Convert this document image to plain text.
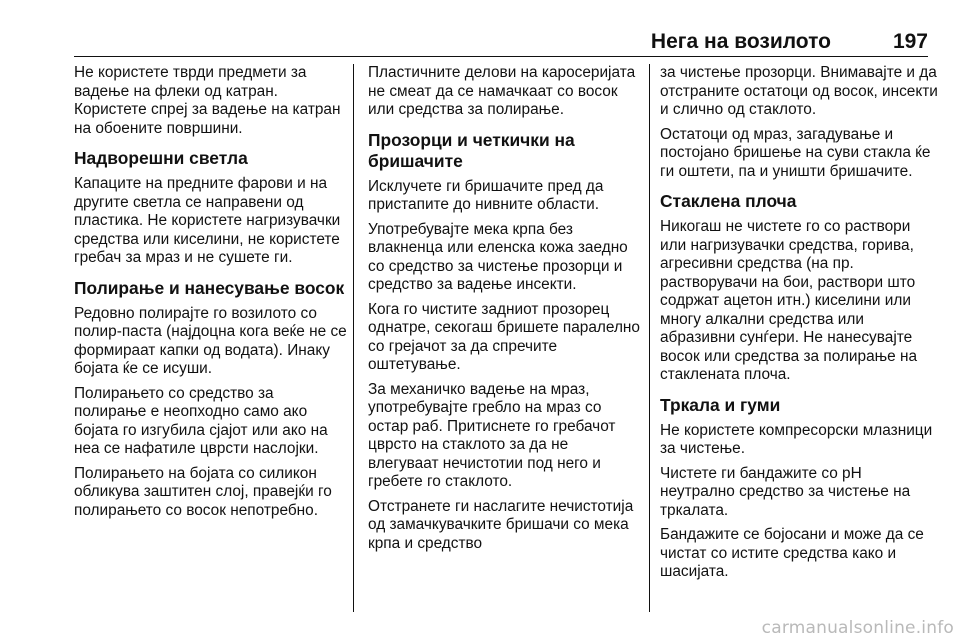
Нега на возилото	197

Не користете тврди предмети за вадење на флеки од катран. Користете спреј за вадење на катран на обоените површини.

Надворешни светла

Капаците на предните фарови и на другите светла се направени од пластика. Не користете нагризувачки средства или киселини, не користете гребач за мраз и не сушете ги.

Полирање и нанесување восок

Редовно полирајте го возилото со полир-паста (најдоцна кога веќе не се формираат капки од водата). Инаку бојата ќе се исуши.

Полирањето со средство за полирање е неопходно само ако бојата го изгубила сјајот или ако на неа се нафатиле цврсти наслојки.

Полирањето на бојата со силикон обликува заштитен слој, правејќи го полирањето со восок непотребно.

Пластичните делови на каросеријата не смеат да се намачкаат со восок или средства за полирање.

Прозорци и четкички на бришачите

Исклучете ги бришачите пред да пристапите до нивните области.

Употребувајте мека крпа без влакненца или еленска кожа заедно со средство за чистење прозорци и средство за вадење инсекти.

Кога го чистите задниот прозорец однатре, секогаш бришете паралелно со грејачот за да спречите оштетување.

За механичко вадење на мраз, употребувајте гребло на мраз со остар раб. Притиснете го гребачот цврсто на стаклото за да не влегуваат нечистотии под него и гребете го стаклото.

Отстранете ги наслагите нечистотија од замачкувачките бришачи со мека крпа и средство

за чистење прозорци. Внимавајте и да отстраните остатоци од восок, инсекти и слично од стаклото.

Остатоци од мраз, загадување и постојано бришење на суви стакла ќе ги оштети, па и уништи бришачите.

Стаклена плоча

Никогаш не чистете го со раствори или нагризувачки средства, горива, агресивни средства (на пр. растворувачи на бои, раствори што содржат ацетон итн.) киселини или многу алкални средства или абразивни сунѓери. Не нанесувајте восок или средства за полирање на стаклената плоча.

Тркала и гуми

Не користете компресорски млазници за чистење.

Чистете ги бандажите со pH неутрално средство за чистење на тркалата.

Бандажите се бојосани и може да се чистат со истите средства како и шасијата.

carmanualsonline.info
